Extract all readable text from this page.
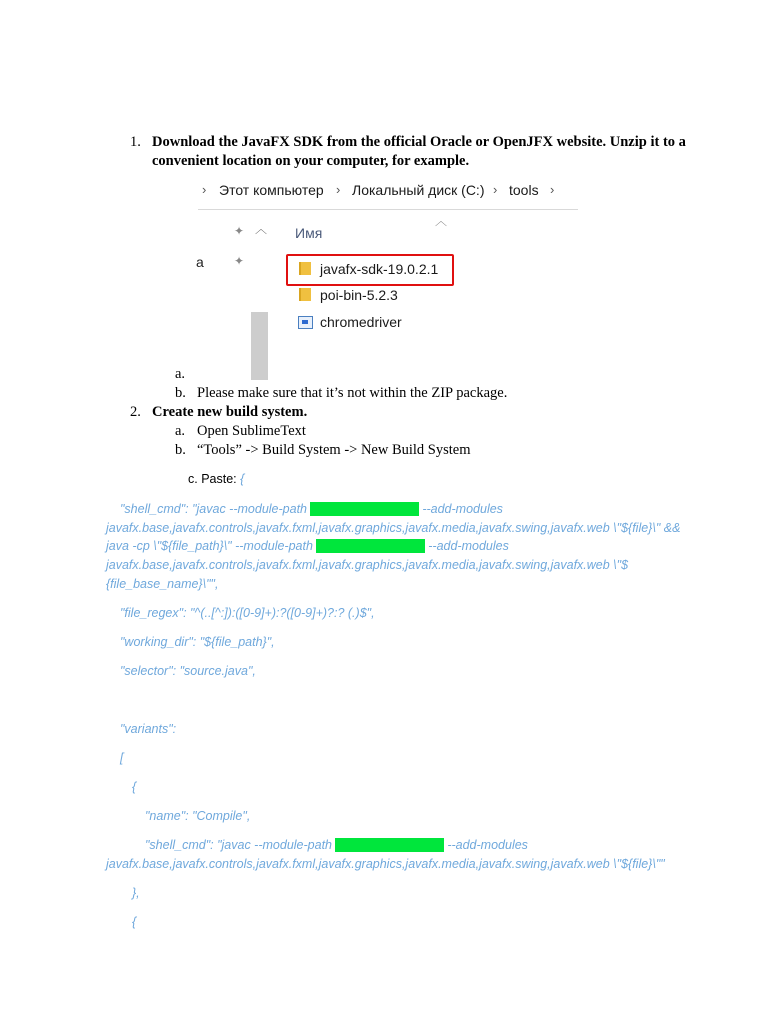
1. Download the JavaFX SDK from the official Oracle or OpenJFX website. Unzip it to a
convenient location on your computer, for example.
› Этот компьютер › Локальный диск (C:) › tools ›
✦ ︿
✦
а
︿
Имя
javafx-sdk-19.0.2.1
poi-bin-5.2.3
chromedriver
a.
b. Please make sure that it’s not within the ZIP package.
2. Create new build system.
a. Open SublimeText
b. “Tools” -> Build System -> New Build System
c. Paste: {
"shell_cmd": "javac --module-path PATH_TO_JAVAFX --add-modules
javafx.base,javafx.controls,javafx.fxml,javafx.graphics,javafx.media,javafx.swing,javafx.web \"${file}\" &&
java -cp \"${file_path}\" --module-path PATH_TO_JAVAFX --add-modules
javafx.base,javafx.controls,javafx.fxml,javafx.graphics,javafx.media,javafx.swing,javafx.web \"$
{file_base_name}\"",
"file_regex": "^(..[^:]):([0-9]+):?([0-9]+)?:? (.)$",
"working_dir": "${file_path}",
"selector": "source.java",
"variants":
[
{
"name": "Compile",
"shell_cmd": "javac --module-path PATH_TO_JAVAFX --add-modules
javafx.base,javafx.controls,javafx.fxml,javafx.graphics,javafx.media,javafx.swing,javafx.web \"${file}\""
},
{
